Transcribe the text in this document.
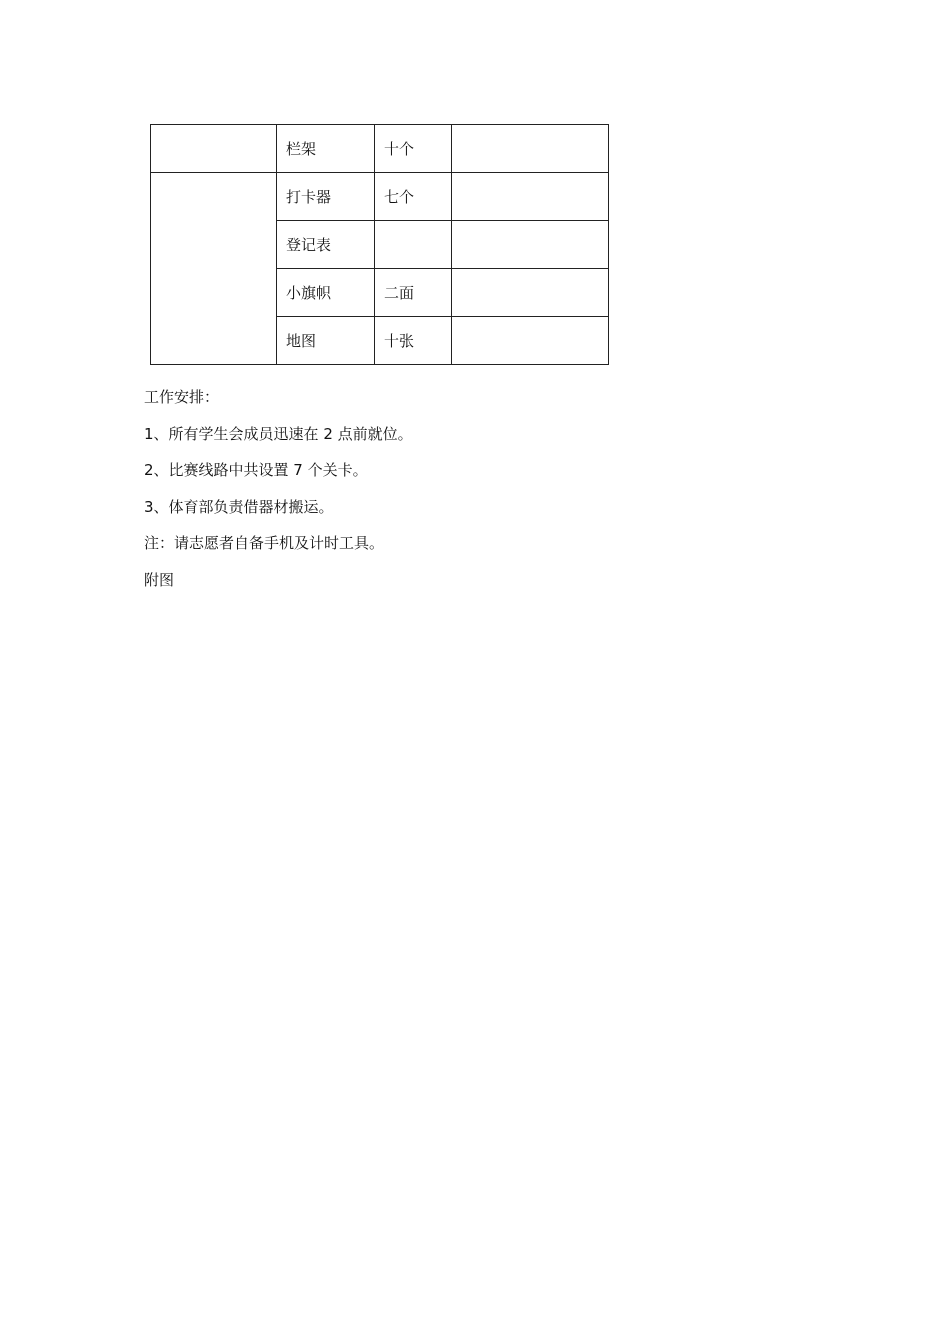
	栏架	十个	
	打卡器	七个	
	登记表		
	小旗帜	二面	
	地图	十张	

工作安排：

1、所有学生会成员迅速在 2 点前就位。

2、比赛线路中共设置 7 个关卡。

3、体育部负责借器材搬运。

注：请志愿者自备手机及计时工具。

附图
